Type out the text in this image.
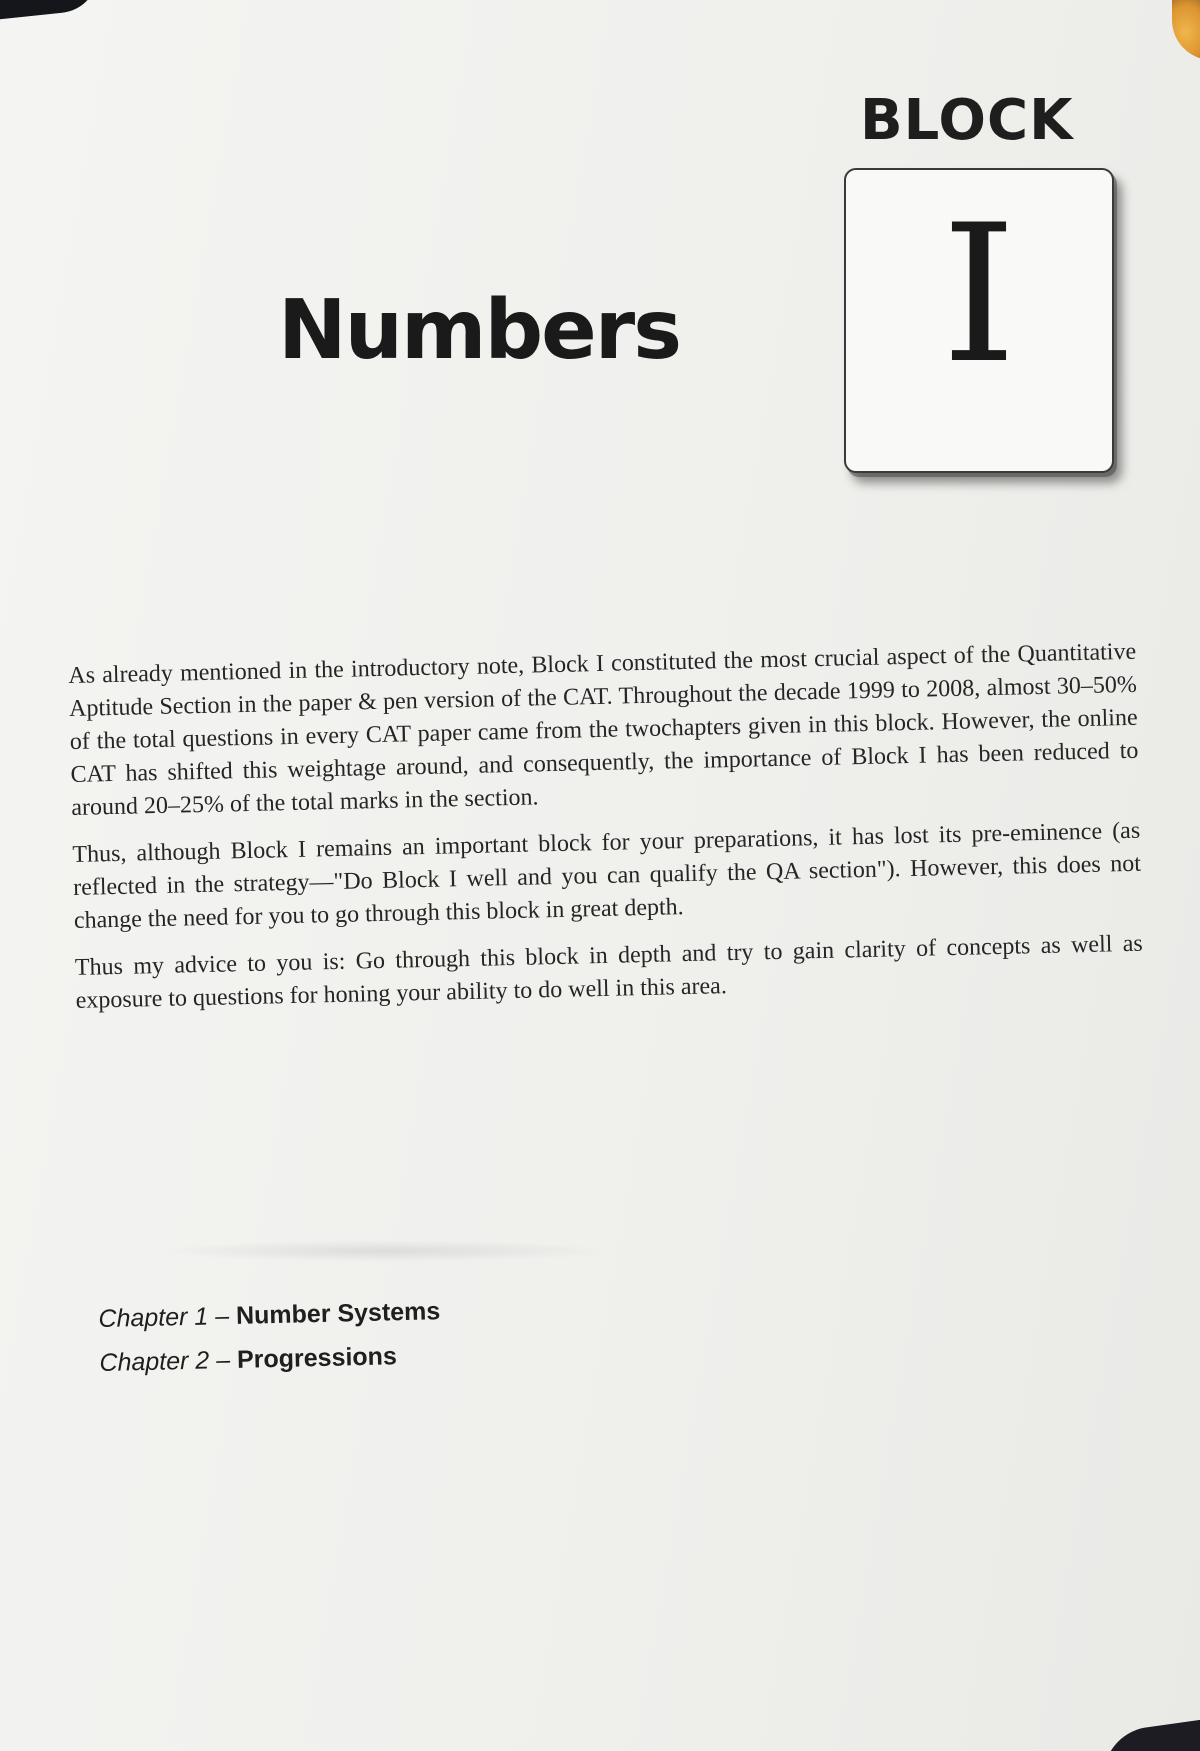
BLOCK
I
Numbers

As already mentioned in the introductory note, Block I constituted the most crucial aspect of the Quantitative Aptitude Section in the paper & pen version of the CAT. Throughout the decade 1999 to 2008, almost 30–50% of the total questions in every CAT paper came from the twochapters given in this block. However, the online CAT has shifted this weightage around, and consequently, the importance of Block I has been reduced to around 20–25% of the total marks in the section.

Thus, although Block I remains an important block for your preparations, it has lost its pre-eminence (as reflected in the strategy—"Do Block I well and you can qualify the QA section"). However, this does not change the need for you to go through this block in great depth.

Thus my advice to you is: Go through this block in depth and try to gain clarity of concepts as well as exposure to questions for honing your ability to do well in this area.

Chapter 1 – Number Systems
Chapter 2 – Progressions
